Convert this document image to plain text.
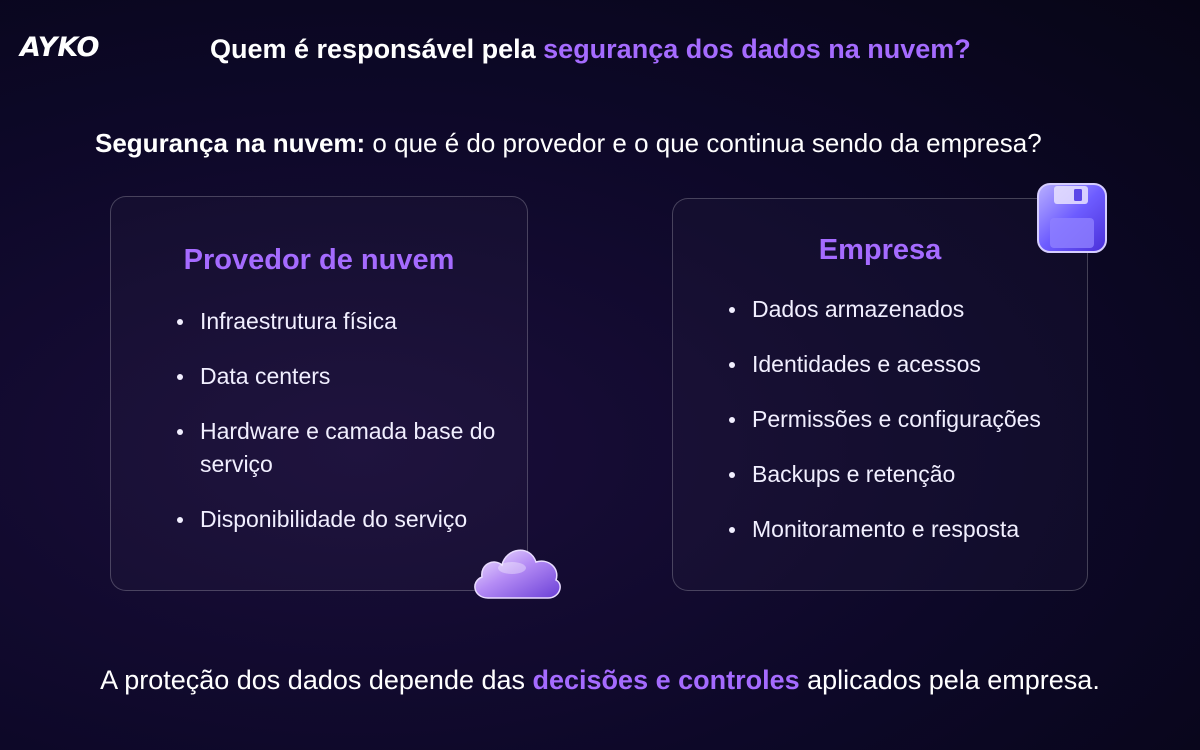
AYKO	Quem é responsável pela segurança dos dados na nuvem?
Segurança na nuvem: o que é do provedor e o que continua sendo da empresa?
Provedor de nuvem
Infraestrutura física
Data centers
Hardware e camada base do serviço
Disponibilidade do serviço
Empresa
Dados armazenados
Identidades e acessos
Permissões e configurações
Backups e retenção
Monitoramento e resposta
A proteção dos dados depende das decisões e controles aplicados pela empresa.
